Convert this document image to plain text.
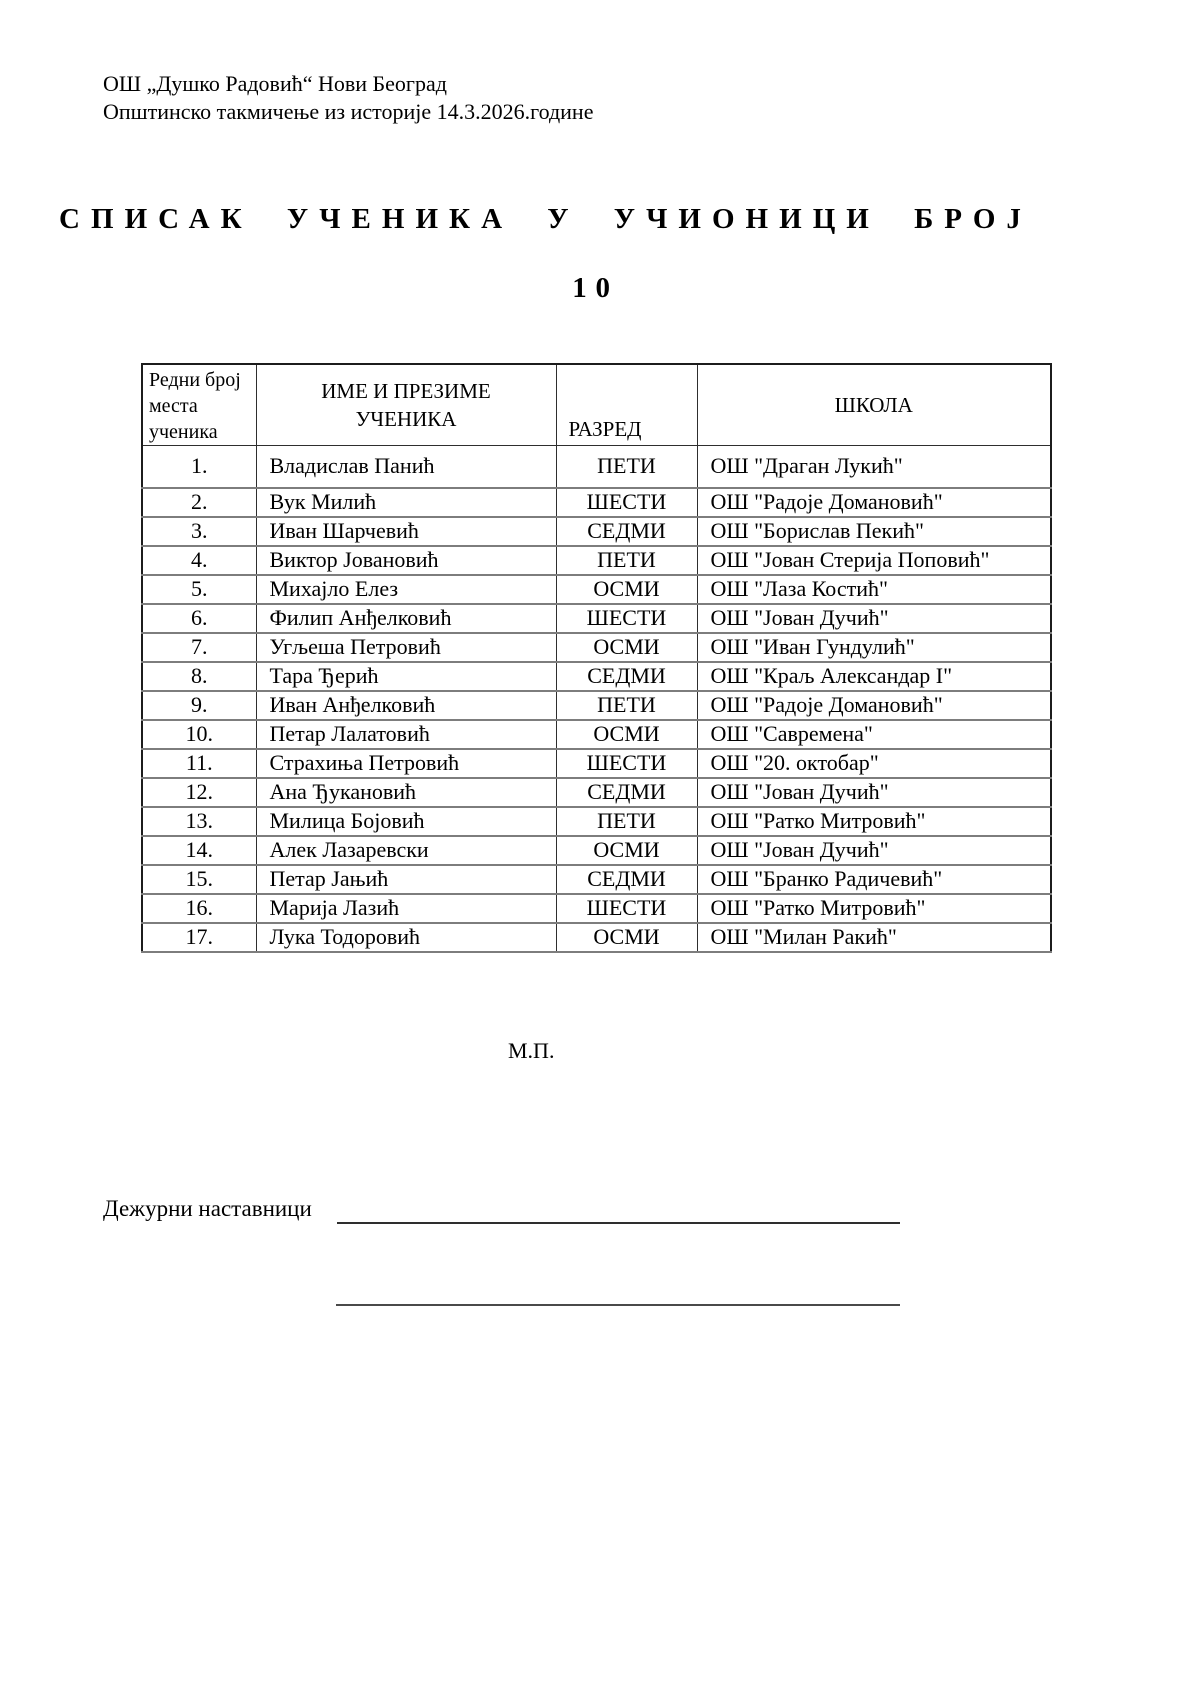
ОШ „Душко Радовић“ Нови Београд
Општинско такмичење из историје 14.3.2026.године
СПИСАК УЧЕНИКА У УЧИОНИЦИ БРОЈ
10
Редни број места ученика	ИМЕ И ПРЕЗИМЕ УЧЕНИКА	РАЗРЕД	ШКОЛА
1.	Владислав Панић	ПЕТИ	ОШ "Драган Лукић"
2.	Вук Милић	ШЕСТИ	ОШ "Радоје Домановић"
3.	Иван Шарчевић	СЕДМИ	ОШ "Борислав Пекић"
4.	Виктор Јовановић	ПЕТИ	ОШ "Јован Стерија Поповић"
5.	Михајло Елез	ОСМИ	ОШ "Лаза Костић"
6.	Филип Анђелковић	ШЕСТИ	ОШ "Јован Дучић"
7.	Угљеша Петровић	ОСМИ	ОШ "Иван Гундулић"
8.	Тара Ђерић	СЕДМИ	ОШ "Краљ Александар I"
9.	Иван Анђелковић	ПЕТИ	ОШ "Радоје Домановић"
10.	Петар Лалатовић	ОСМИ	ОШ "Савремена"
11.	Страхиња Петровић	ШЕСТИ	ОШ "20. октобар"
12.	Ана Ђукановић	СЕДМИ	ОШ "Јован Дучић"
13.	Милица Бојовић	ПЕТИ	ОШ "Ратко Митровић"
14.	Алек Лазаревски	ОСМИ	ОШ "Јован Дучић"
15.	Петар Јањић	СЕДМИ	ОШ "Бранко Радичевић"
16.	Марија Лазић	ШЕСТИ	ОШ "Ратко Митровић"
17.	Лука Тодоровић	ОСМИ	ОШ "Милан Ракић"
М.П.
Дежурни наставници
